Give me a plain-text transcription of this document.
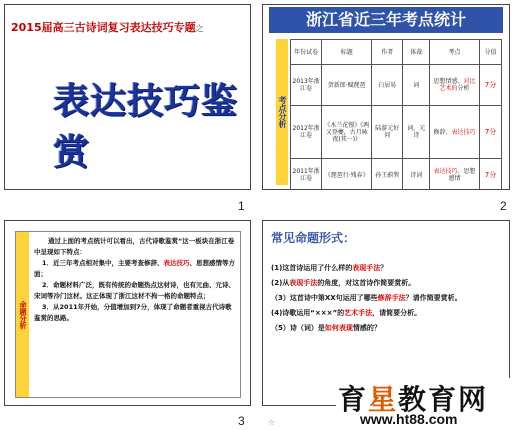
2015届高三古诗词复习表达技巧专题之
表达技巧鉴赏
1
浙江省近三年考点统计
考点分析
年份试卷	标题	作者	体裁	考点	分值
2013年浙江卷	贺新郎·赋琵琶	白居易	词	思想情感、对比艺术的分析	7分
2012年浙江卷	《木兰花慢》《两又登夔，古月咏夜(其一)》	陆游元好问	词、元诗	修辞、表达技巧	7分
2011年浙江卷	《琵琶行·残春》	孙王蔚巽	诗词	表达技巧、思想感情	7分
2
命题分析

通过上面的考点统计可以看出，古代诗歌鉴赏“这一板块在浙江卷中呈现如下特点：

1．近三年考点相对集中，主要考查修辞、表达技巧、思想感情等方面；

2．命题材料广泛，既有传统的命题热点这材诗，也有元曲、元诗、宋词等冷门这材。这正体现了浙江这材不拘一格的命题特点；

3．从2011年开始，分值增加到7分，体现了命题者重视古代诗歌鉴赏的思路。

3
常见命题形式：

(1)这首诗运用了什么样的表现手法？

(2)从表现手法的角度，对这首诗作简要赏析。

（3）这首诗中第XX句运用了哪些修辞手法？请作简要赏析。

(4)诗歌运用“×××”的艺术手法，请简要分析。

（5）诗（词）是如何表现情感的？

☆
育星教育网
www.ht88.com
